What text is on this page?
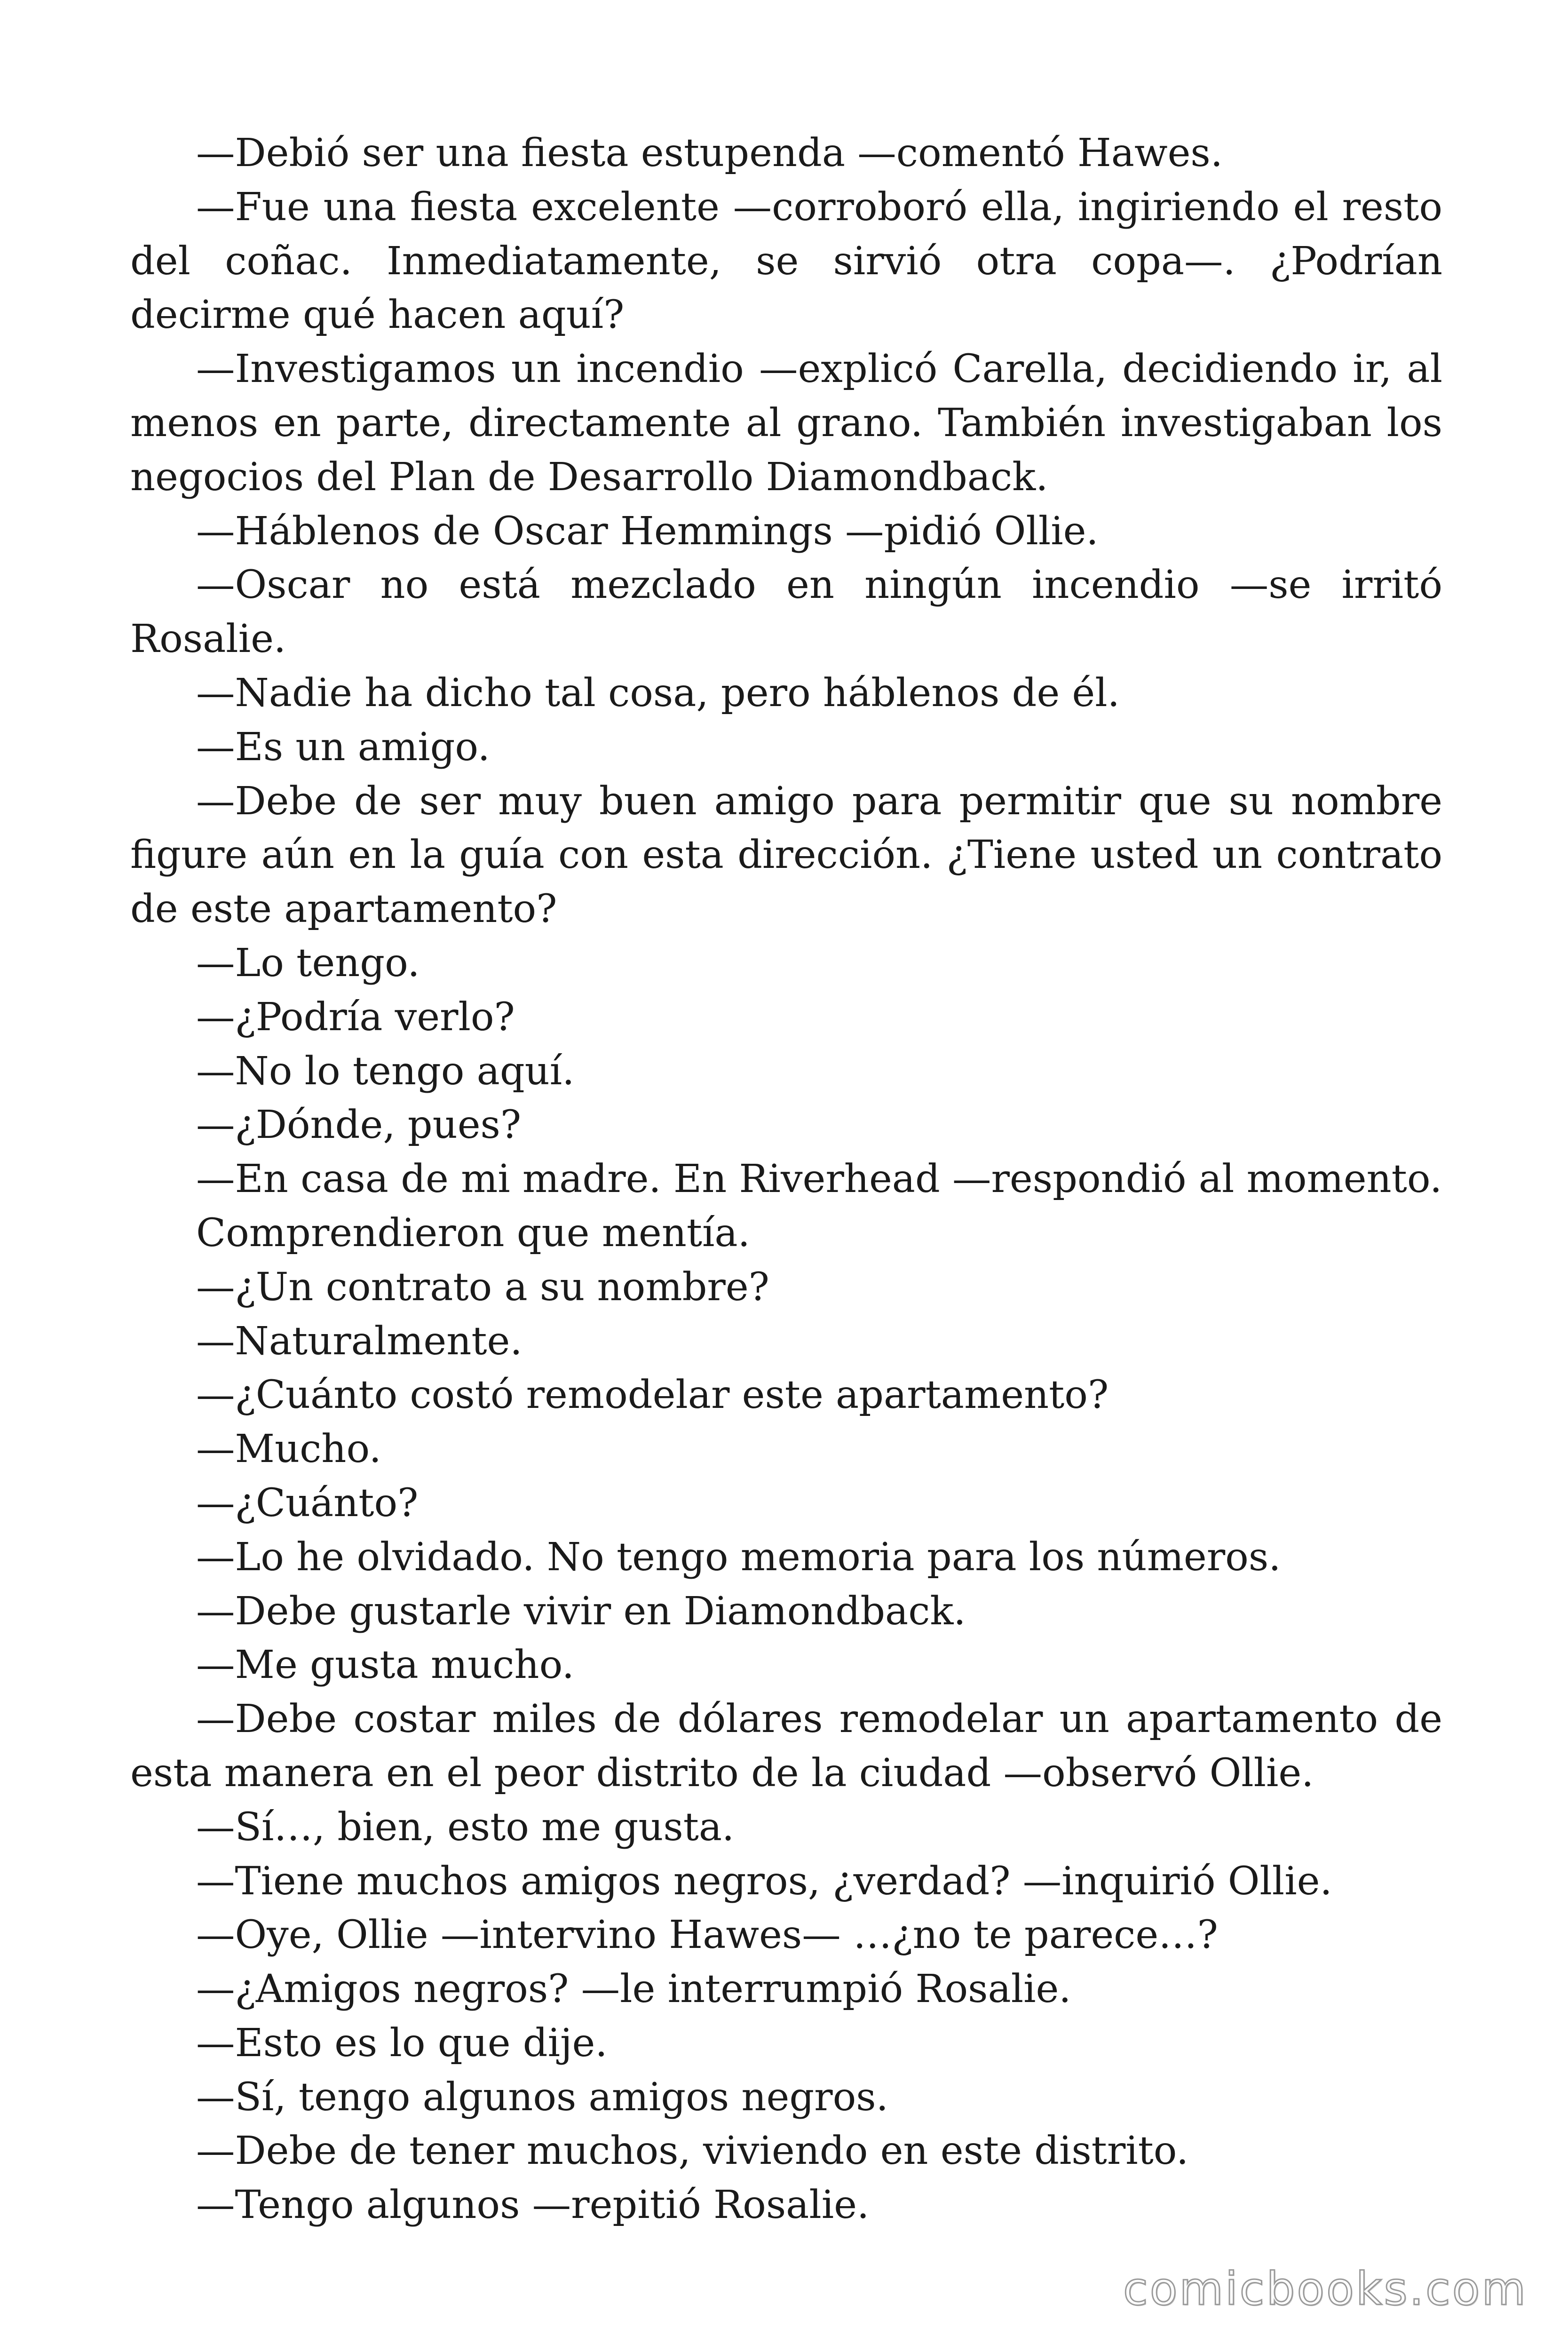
—Debió ser una fiesta estupenda —comentó Hawes.

—Fue una fiesta excelente —corroboró ella, ingiriendo el resto del coñac. Inmediatamente, se sirvió otra copa—. ¿Podrían decirme qué hacen aquí?

—Investigamos un incendio —explicó Carella, decidiendo ir, al menos en parte, directamente al grano. También investigaban los negocios del Plan de Desarrollo Diamondback.

—Háblenos de Oscar Hemmings —pidió Ollie.

—Oscar no está mezclado en ningún incendio —se irritó Rosalie.

—Nadie ha dicho tal cosa, pero háblenos de él.

—Es un amigo.

—Debe de ser muy buen amigo para permitir que su nombre figure aún en la guía con esta dirección. ¿Tiene usted un contrato de este apartamento?

—Lo tengo.

—¿Podría verlo?

—No lo tengo aquí.

—¿Dónde, pues?

—En casa de mi madre. En Riverhead —respondió al momento.

Comprendieron que mentía.

—¿Un contrato a su nombre?

—Naturalmente.

—¿Cuánto costó remodelar este apartamento?

—Mucho.

—¿Cuánto?

—Lo he olvidado. No tengo memoria para los números.

—Debe gustarle vivir en Diamondback.

—Me gusta mucho.

—Debe costar miles de dólares remodelar un apartamento de esta manera en el peor distrito de la ciudad —observó Ollie.

—Sí…, bien, esto me gusta.

—Tiene muchos amigos negros, ¿verdad? —inquirió Ollie.

—Oye, Ollie —intervino Hawes— …¿no te parece…?

—¿Amigos negros? —le interrumpió Rosalie.

—Esto es lo que dije.

—Sí, tengo algunos amigos negros.

—Debe de tener muchos, viviendo en este distrito.

—Tengo algunos —repitió Rosalie.

comicbooks.com
